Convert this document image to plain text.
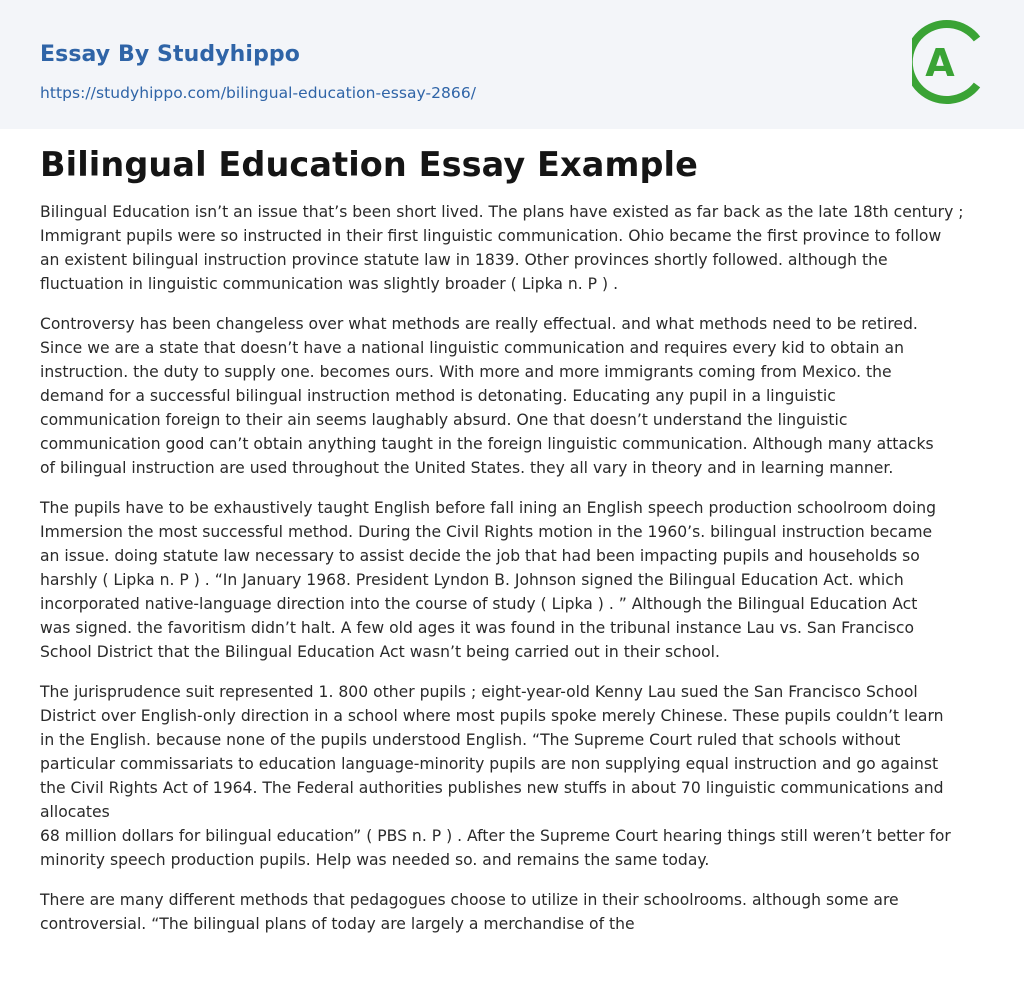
Essay By Studyhippo
https://studyhippo.com/bilingual-education-essay-2866/
A
Bilingual Education Essay Example

Bilingual Education isn’t an issue that’s been short lived. The plans have existed as far back as the late 18th century ;
Immigrant pupils were so instructed in their first linguistic communication. Ohio became the first province to follow
an existent bilingual instruction province statute law in 1839. Other provinces shortly followed. although the
fluctuation in linguistic communication was slightly broader ( Lipka n. P ) .

Controversy has been changeless over what methods are really effectual. and what methods need to be retired.
Since we are a state that doesn’t have a national linguistic communication and requires every kid to obtain an
instruction. the duty to supply one. becomes ours. With more and more immigrants coming from Mexico. the
demand for a successful bilingual instruction method is detonating. Educating any pupil in a linguistic
communication foreign to their ain seems laughably absurd. One that doesn’t understand the linguistic
communication good can’t obtain anything taught in the foreign linguistic communication. Although many attacks
of bilingual instruction are used throughout the United States. they all vary in theory and in learning manner.

The pupils have to be exhaustively taught English before fall ining an English speech production schoolroom doing
Immersion the most successful method. During the Civil Rights motion in the 1960’s. bilingual instruction became
an issue. doing statute law necessary to assist decide the job that had been impacting pupils and households so
harshly ( Lipka n. P ) . “In January 1968. President Lyndon B. Johnson signed the Bilingual Education Act. which
incorporated native-language direction into the course of study ( Lipka ) . ” Although the Bilingual Education Act
was signed. the favoritism didn’t halt. A few old ages it was found in the tribunal instance Lau vs. San Francisco
School District that the Bilingual Education Act wasn’t being carried out in their school.

The jurisprudence suit represented 1. 800 other pupils ; eight-year-old Kenny Lau sued the San Francisco School
District over English-only direction in a school where most pupils spoke merely Chinese. These pupils couldn’t learn
in the English. because none of the pupils understood English. “The Supreme Court ruled that schools without
particular commissariats to education language-minority pupils are non supplying equal instruction and go against
the Civil Rights Act of 1964. The Federal authorities publishes new stuffs in about 70 linguistic communications and
allocates
68 million dollars for bilingual education” ( PBS n. P ) . After the Supreme Court hearing things still weren’t better for
minority speech production pupils. Help was needed so. and remains the same today.

There are many different methods that pedagogues choose to utilize in their schoolrooms. although some are
controversial. “The bilingual plans of today are largely a merchandise of the
